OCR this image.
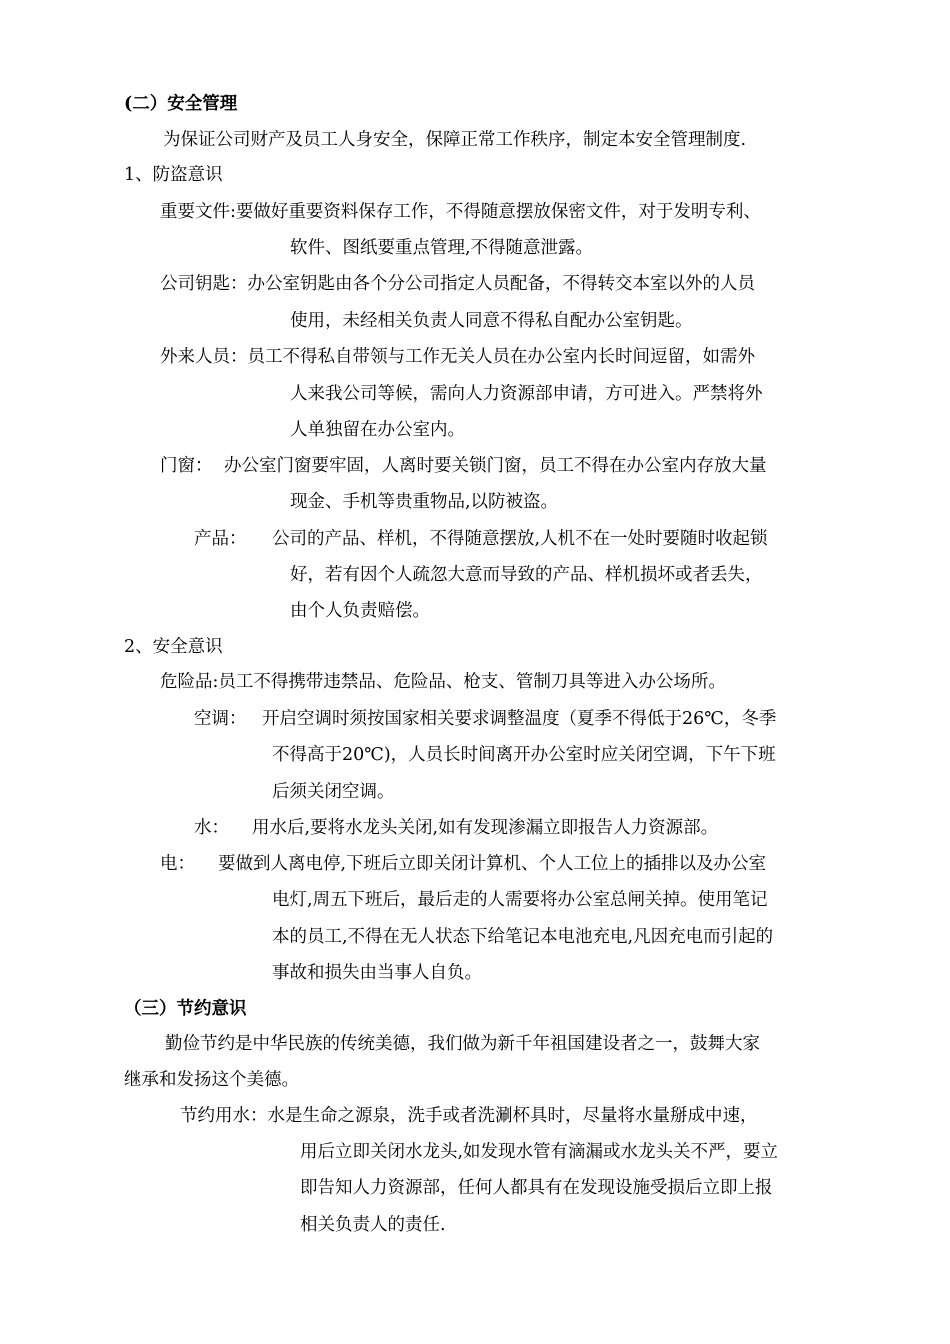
(二）安全管理
为保证公司财产及员工人身安全，保障正常工作秩序，制定本安全管理制度.
1、防盗意识
重要文件:要做好重要资料保存工作，不得随意摆放保密文件，对于发明专利、
软件、图纸要重点管理,不得随意泄露。
公司钥匙：办公室钥匙由各个分公司指定人员配备，不得转交本室以外的人员
使用，未经相关负责人同意不得私自配办公室钥匙。
外来人员：员工不得私自带领与工作无关人员在办公室内长时间逗留，如需外
人来我公司等候，需向人力资源部申请，方可进入。严禁将外
人单独留在办公室内。
门窗： 办公室门窗要牢固，人离时要关锁门窗，员工不得在办公室内存放大量
现金、手机等贵重物品,以防被盗。
产品： 公司的产品、样机，不得随意摆放,人机不在一处时要随时收起锁
好，若有因个人疏忽大意而导致的产品、样机损坏或者丢失，
由个人负责赔偿。
2、安全意识
危险品:员工不得携带违禁品、危险品、枪支、管制刀具等进入办公场所。
空调： 开启空调时须按国家相关要求调整温度（夏季不得低于26℃，冬季
不得高于20℃)，人员长时间离开办公室时应关闭空调，下午下班
后须关闭空调。
水： 用水后,要将水龙头关闭,如有发现渗漏立即报告人力资源部。
电： 要做到人离电停,下班后立即关闭计算机、个人工位上的插排以及办公室
电灯,周五下班后，最后走的人需要将办公室总闸关掉。使用笔记
本的员工,不得在无人状态下给笔记本电池充电,凡因充电而引起的
事故和损失由当事人自负。
（三）节约意识
勤俭节约是中华民族的传统美德，我们做为新千年祖国建设者之一，鼓舞大家
继承和发扬这个美德。
节约用水：水是生命之源泉，洗手或者洗涮杯具时，尽量将水量掰成中速，
用后立即关闭水龙头,如发现水管有滴漏或水龙头关不严，要立
即告知人力资源部，任何人都具有在发现设施受损后立即上报
相关负责人的责任.
